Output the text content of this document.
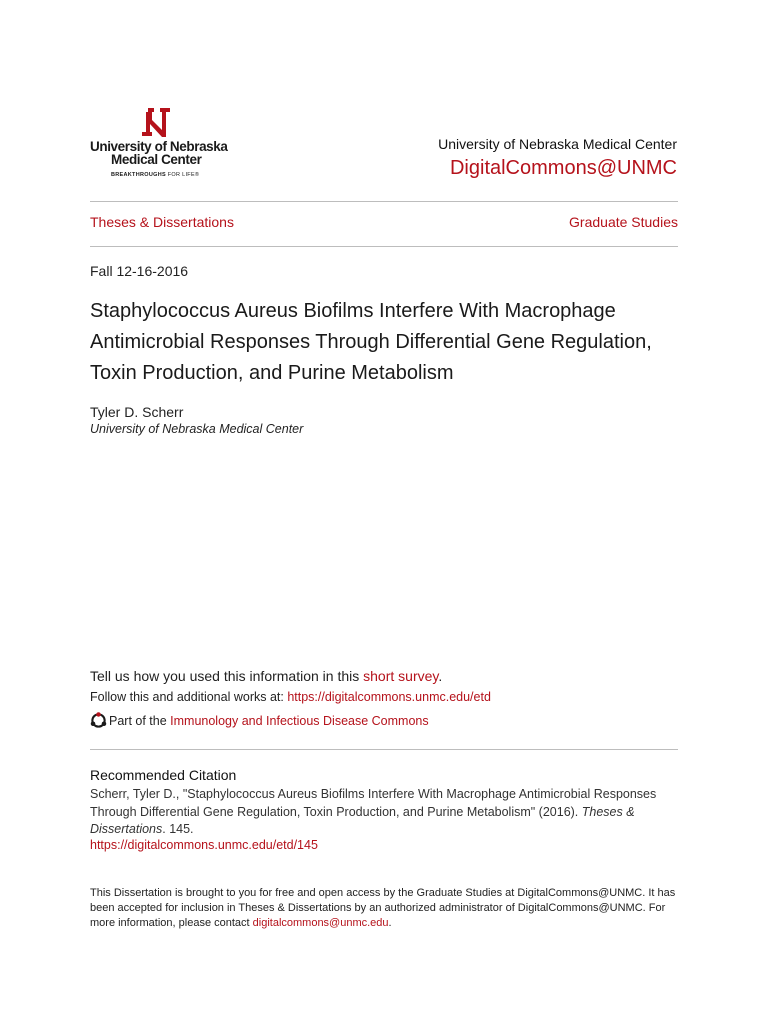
University of Nebraska
Medical Center
BREAKTHROUGHS FOR LIFE®
University of Nebraska Medical Center
DigitalCommons@UNMC
Theses & Dissertations	Graduate Studies
Fall 12-16-2016
Staphylococcus Aureus Biofilms Interfere With Macrophage
Antimicrobial Responses Through Differential Gene Regulation,
Toxin Production, and Purine Metabolism
Tyler D. Scherr
University of Nebraska Medical Center
Tell us how you used this information in this short survey.
Follow this and additional works at: https://digitalcommons.unmc.edu/etd
Part of the Immunology and Infectious Disease Commons
Recommended Citation
Scherr, Tyler D., "Staphylococcus Aureus Biofilms Interfere With Macrophage Antimicrobial Responses Through Differential Gene Regulation, Toxin Production, and Purine Metabolism" (2016). Theses & Dissertations. 145.
https://digitalcommons.unmc.edu/etd/145
This Dissertation is brought to you for free and open access by the Graduate Studies at DigitalCommons@UNMC. It has been accepted for inclusion in Theses & Dissertations by an authorized administrator of DigitalCommons@UNMC. For more information, please contact digitalcommons@unmc.edu.
